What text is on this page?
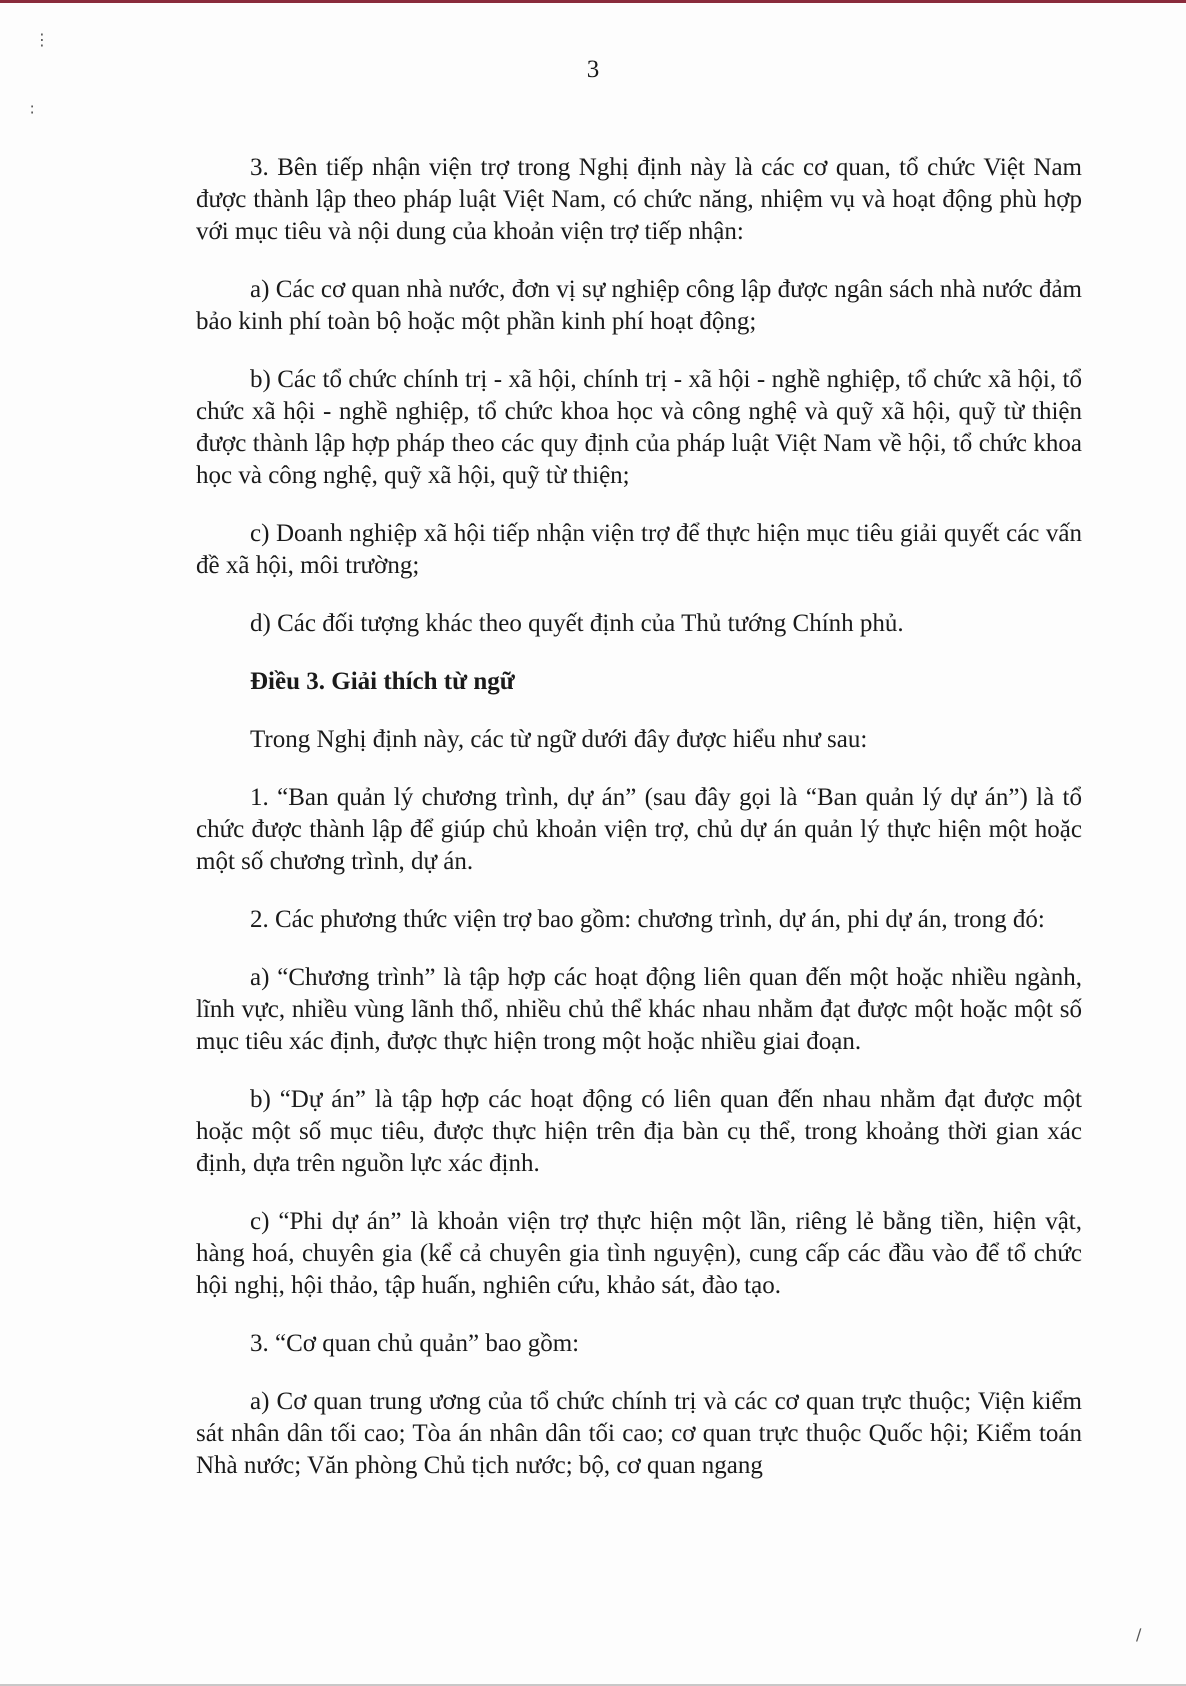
⋮
∶
∕
3

3. Bên tiếp nhận viện trợ trong Nghị định này là các cơ quan, tổ chức Việt Nam được thành lập theo pháp luật Việt Nam, có chức năng, nhiệm vụ và hoạt động phù hợp với mục tiêu và nội dung của khoản viện trợ tiếp nhận:

a) Các cơ quan nhà nước, đơn vị sự nghiệp công lập được ngân sách nhà nước đảm bảo kinh phí toàn bộ hoặc một phần kinh phí hoạt động;

b) Các tổ chức chính trị - xã hội, chính trị - xã hội - nghề nghiệp, tổ chức xã hội, tổ chức xã hội - nghề nghiệp, tổ chức khoa học và công nghệ và quỹ xã hội, quỹ từ thiện được thành lập hợp pháp theo các quy định của pháp luật Việt Nam về hội, tổ chức khoa học và công nghệ, quỹ xã hội, quỹ từ thiện;

c) Doanh nghiệp xã hội tiếp nhận viện trợ để thực hiện mục tiêu giải quyết các vấn đề xã hội, môi trường;

d) Các đối tượng khác theo quyết định của Thủ tướng Chính phủ.

Điều 3. Giải thích từ ngữ

Trong Nghị định này, các từ ngữ dưới đây được hiểu như sau:

1. “Ban quản lý chương trình, dự án” (sau đây gọi là “Ban quản lý dự án”) là tổ chức được thành lập để giúp chủ khoản viện trợ, chủ dự án quản lý thực hiện một hoặc một số chương trình, dự án.

2. Các phương thức viện trợ bao gồm: chương trình, dự án, phi dự án, trong đó:

a) “Chương trình” là tập hợp các hoạt động liên quan đến một hoặc nhiều ngành, lĩnh vực, nhiều vùng lãnh thổ, nhiều chủ thể khác nhau nhằm đạt được một hoặc một số mục tiêu xác định, được thực hiện trong một hoặc nhiều giai đoạn.

b) “Dự án” là tập hợp các hoạt động có liên quan đến nhau nhằm đạt được một hoặc một số mục tiêu, được thực hiện trên địa bàn cụ thể, trong khoảng thời gian xác định, dựa trên nguồn lực xác định.

c) “Phi dự án” là khoản viện trợ thực hiện một lần, riêng lẻ bằng tiền, hiện vật, hàng hoá, chuyên gia (kể cả chuyên gia tình nguyện), cung cấp các đầu vào để tổ chức hội nghị, hội thảo, tập huấn, nghiên cứu, khảo sát, đào tạo.

3. “Cơ quan chủ quản” bao gồm:

a) Cơ quan trung ương của tổ chức chính trị và các cơ quan trực thuộc; Viện kiểm sát nhân dân tối cao; Tòa án nhân dân tối cao; cơ quan trực thuộc Quốc hội; Kiểm toán Nhà nước; Văn phòng Chủ tịch nước; bộ, cơ quan ngang
